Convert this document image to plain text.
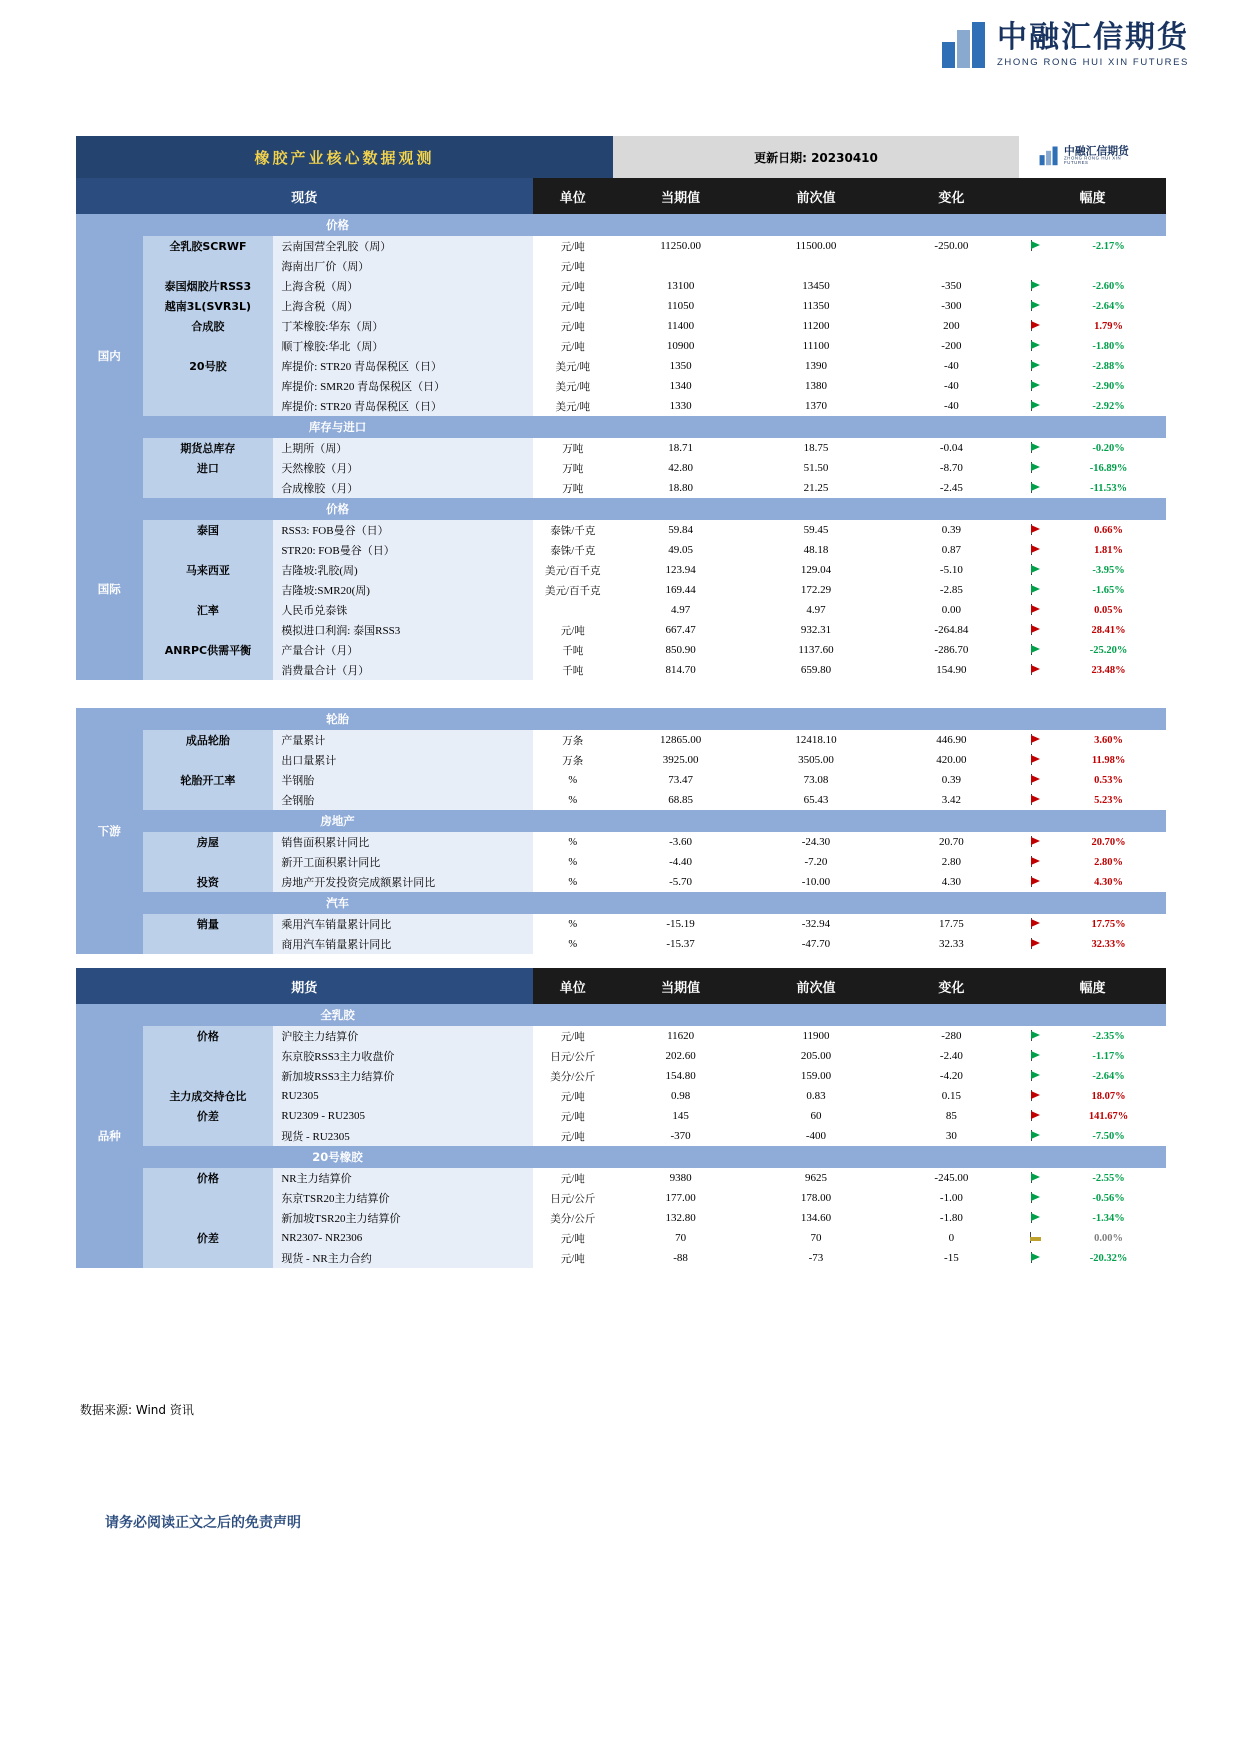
中融汇信期货
ZHONG RONG HUI XIN FUTURES
橡胶产业核心数据观测				更新日期: 20230410			中融汇信期货
ZHONG RONG HUI XIN FUTURES	

现货			单位	当期值	前次值	变化	幅度	
国内	价格							
	全乳胶SCRWF	云南国营全乳胶（周）	元/吨	11250.00	11500.00	-250.00		-2.17%
		海南出厂价（周）	元/吨					
	泰国烟胶片RSS3	上海含税（周）	元/吨	13100	13450	-350		-2.60%
	越南3L(SVR3L)	上海含税（周）	元/吨	11050	11350	-300		-2.64%
	合成胶	丁苯橡胶:华东（周）	元/吨	11400	11200	200		1.79%
		顺丁橡胶:华北（周）	元/吨	10900	11100	-200		-1.80%
	20号胶	库提价: STR20 青岛保税区（日）	美元/吨	1350	1390	-40		-2.88%
		库提价: SMR20 青岛保税区（日）	美元/吨	1340	1380	-40		-2.90%
		库提价: STR20 青岛保税区（日）	美元/吨	1330	1370	-40		-2.92%
	库存与进口							
	期货总库存	上期所（周）	万吨	18.71	18.75	-0.04		-0.20%
	进口	天然橡胶（月）	万吨	42.80	51.50	-8.70		-16.89%
		合成橡胶（月）	万吨	18.80	21.25	-2.45		-11.53%
国际	价格							
	泰国	RSS3: FOB曼谷（日）	泰铢/千克	59.84	59.45	0.39		0.66%
		STR20: FOB曼谷（日）	泰铢/千克	49.05	48.18	0.87		1.81%
	马来西亚	吉隆坡:乳胶(周)	美元/百千克	123.94	129.04	-5.10		-3.95%
		吉隆坡:SMR20(周)	美元/百千克	169.44	172.29	-2.85		-1.65%
	汇率	人民币兑泰铢		4.97	4.97	0.00		0.05%
		模拟进口利润: 泰国RSS3	元/吨	667.47	932.31	-264.84		28.41%
	ANRPC供需平衡	产量合计（月）	千吨	850.90	1137.60	-286.70		-25.20%
		消费量合计（月）	千吨	814.70	659.80	154.90		23.48%

下游	轮胎							
	成品轮胎	产量累计	万条	12865.00	12418.10	446.90		3.60%
		出口量累计	万条	3925.00	3505.00	420.00		11.98%
	轮胎开工率	半钢胎	%	73.47	73.08	0.39		0.53%
		全钢胎	%	68.85	65.43	3.42		5.23%
	房地产							
	房屋	销售面积累计同比	%	-3.60	-24.30	20.70		20.70%
		新开工面积累计同比	%	-4.40	-7.20	2.80		2.80%
	投资	房地产开发投资完成额累计同比	%	-5.70	-10.00	4.30		4.30%
	汽车							
	销量	乘用汽车销量累计同比	%	-15.19	-32.94	17.75		17.75%
		商用汽车销量累计同比	%	-15.37	-47.70	32.33		32.33%

期货			单位	当期值	前次值	变化	幅度	
品种	全乳胶							
	价格	沪胶主力结算价	元/吨	11620	11900	-280		-2.35%
		东京胶RSS3主力收盘价	日元/公斤	202.60	205.00	-2.40		-1.17%
		新加坡RSS3主力结算价	美分/公斤	154.80	159.00	-4.20		-2.64%
	主力成交持仓比	RU2305	元/吨	0.98	0.83	0.15		18.07%
	价差	RU2309 - RU2305	元/吨	145	60	85		141.67%
		现货 - RU2305	元/吨	-370	-400	30		-7.50%
	20号橡胶							
	价格	NR主力结算价	元/吨	9380	9625	-245.00		-2.55%
		东京TSR20主力结算价	日元/公斤	177.00	178.00	-1.00		-0.56%
		新加坡TSR20主力结算价	美分/公斤	132.80	134.60	-1.80		-1.34%
	价差	NR2307- NR2306	元/吨	70	70	0		0.00%
		现货 - NR主力合约	元/吨	-88	-73	-15		-20.32%
数据来源: Wind 资讯
请务必阅读正文之后的免责声明
